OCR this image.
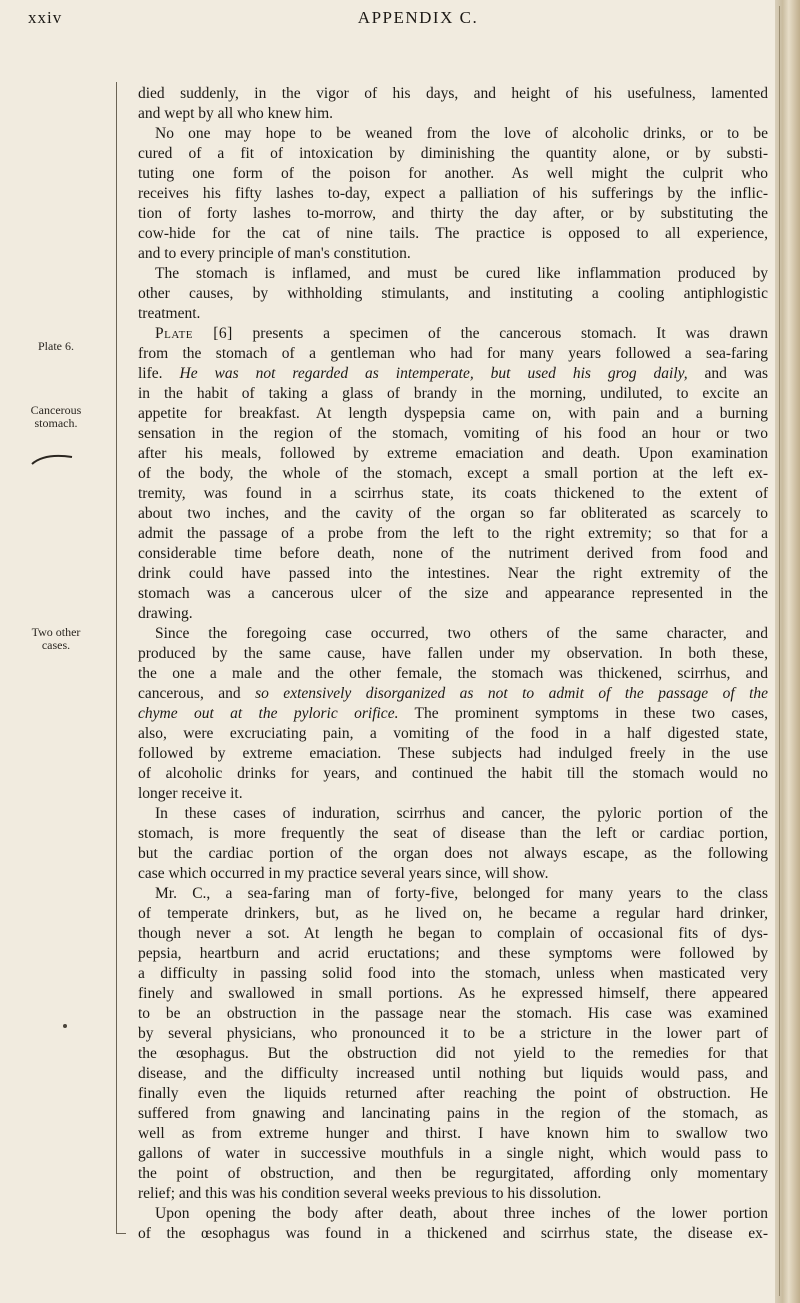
xxiv	APPENDIX C.
Plate 6.
Cancerous
stomach.
Two other
cases.
died suddenly, in the vigor of his days, and height of his usefulness, lamented
and wept by all who knew him.
No one may hope to be weaned from the love of alcoholic drinks, or to be
cured of a fit of intoxication by diminishing the quantity alone, or by substi-
tuting one form of the poison for another. As well might the culprit who
receives his fifty lashes to-day, expect a palliation of his sufferings by the inflic-
tion of forty lashes to-morrow, and thirty the day after, or by substituting the
cow-hide for the cat of nine tails. The practice is opposed to all experience,
and to every principle of man's constitution.
The stomach is inflamed, and must be cured like inflammation produced by
other causes, by withholding stimulants, and instituting a cooling antiphlogistic
treatment.
Plate [6] presents a specimen of the cancerous stomach. It was drawn
from the stomach of a gentleman who had for many years followed a sea-faring
life. He was not regarded as intemperate, but used his grog daily, and was
in the habit of taking a glass of brandy in the morning, undiluted, to excite an
appetite for breakfast. At length dyspepsia came on, with pain and a burning
sensation in the region of the stomach, vomiting of his food an hour or two
after his meals, followed by extreme emaciation and death. Upon examination
of the body, the whole of the stomach, except a small portion at the left ex-
tremity, was found in a scirrhus state, its coats thickened to the extent of
about two inches, and the cavity of the organ so far obliterated as scarcely to
admit the passage of a probe from the left to the right extremity; so that for a
considerable time before death, none of the nutriment derived from food and
drink could have passed into the intestines. Near the right extremity of the
stomach was a cancerous ulcer of the size and appearance represented in the
drawing.
Since the foregoing case occurred, two others of the same character, and
produced by the same cause, have fallen under my observation. In both these,
the one a male and the other female, the stomach was thickened, scirrhus, and
cancerous, and so extensively disorganized as not to admit of the passage of the
chyme out at the pyloric orifice. The prominent symptoms in these two cases,
also, were excruciating pain, a vomiting of the food in a half digested state,
followed by extreme emaciation. These subjects had indulged freely in the use
of alcoholic drinks for years, and continued the habit till the stomach would no
longer receive it.
In these cases of induration, scirrhus and cancer, the pyloric portion of the
stomach, is more frequently the seat of disease than the left or cardiac portion,
but the cardiac portion of the organ does not always escape, as the following
case which occurred in my practice several years since, will show.
Mr. C., a sea-faring man of forty-five, belonged for many years to the class
of temperate drinkers, but, as he lived on, he became a regular hard drinker,
though never a sot. At length he began to complain of occasional fits of dys-
pepsia, heartburn and acrid eructations; and these symptoms were followed by
a difficulty in passing solid food into the stomach, unless when masticated very
finely and swallowed in small portions. As he expressed himself, there appeared
to be an obstruction in the passage near the stomach. His case was examined
by several physicians, who pronounced it to be a stricture in the lower part of
the œsophagus. But the obstruction did not yield to the remedies for that
disease, and the difficulty increased until nothing but liquids would pass, and
finally even the liquids returned after reaching the point of obstruction. He
suffered from gnawing and lancinating pains in the region of the stomach, as
well as from extreme hunger and thirst. I have known him to swallow two
gallons of water in successive mouthfuls in a single night, which would pass to
the point of obstruction, and then be regurgitated, affording only momentary
relief; and this was his condition several weeks previous to his dissolution.
Upon opening the body after death, about three inches of the lower portion
of the œsophagus was found in a thickened and scirrhus state, the disease ex-
